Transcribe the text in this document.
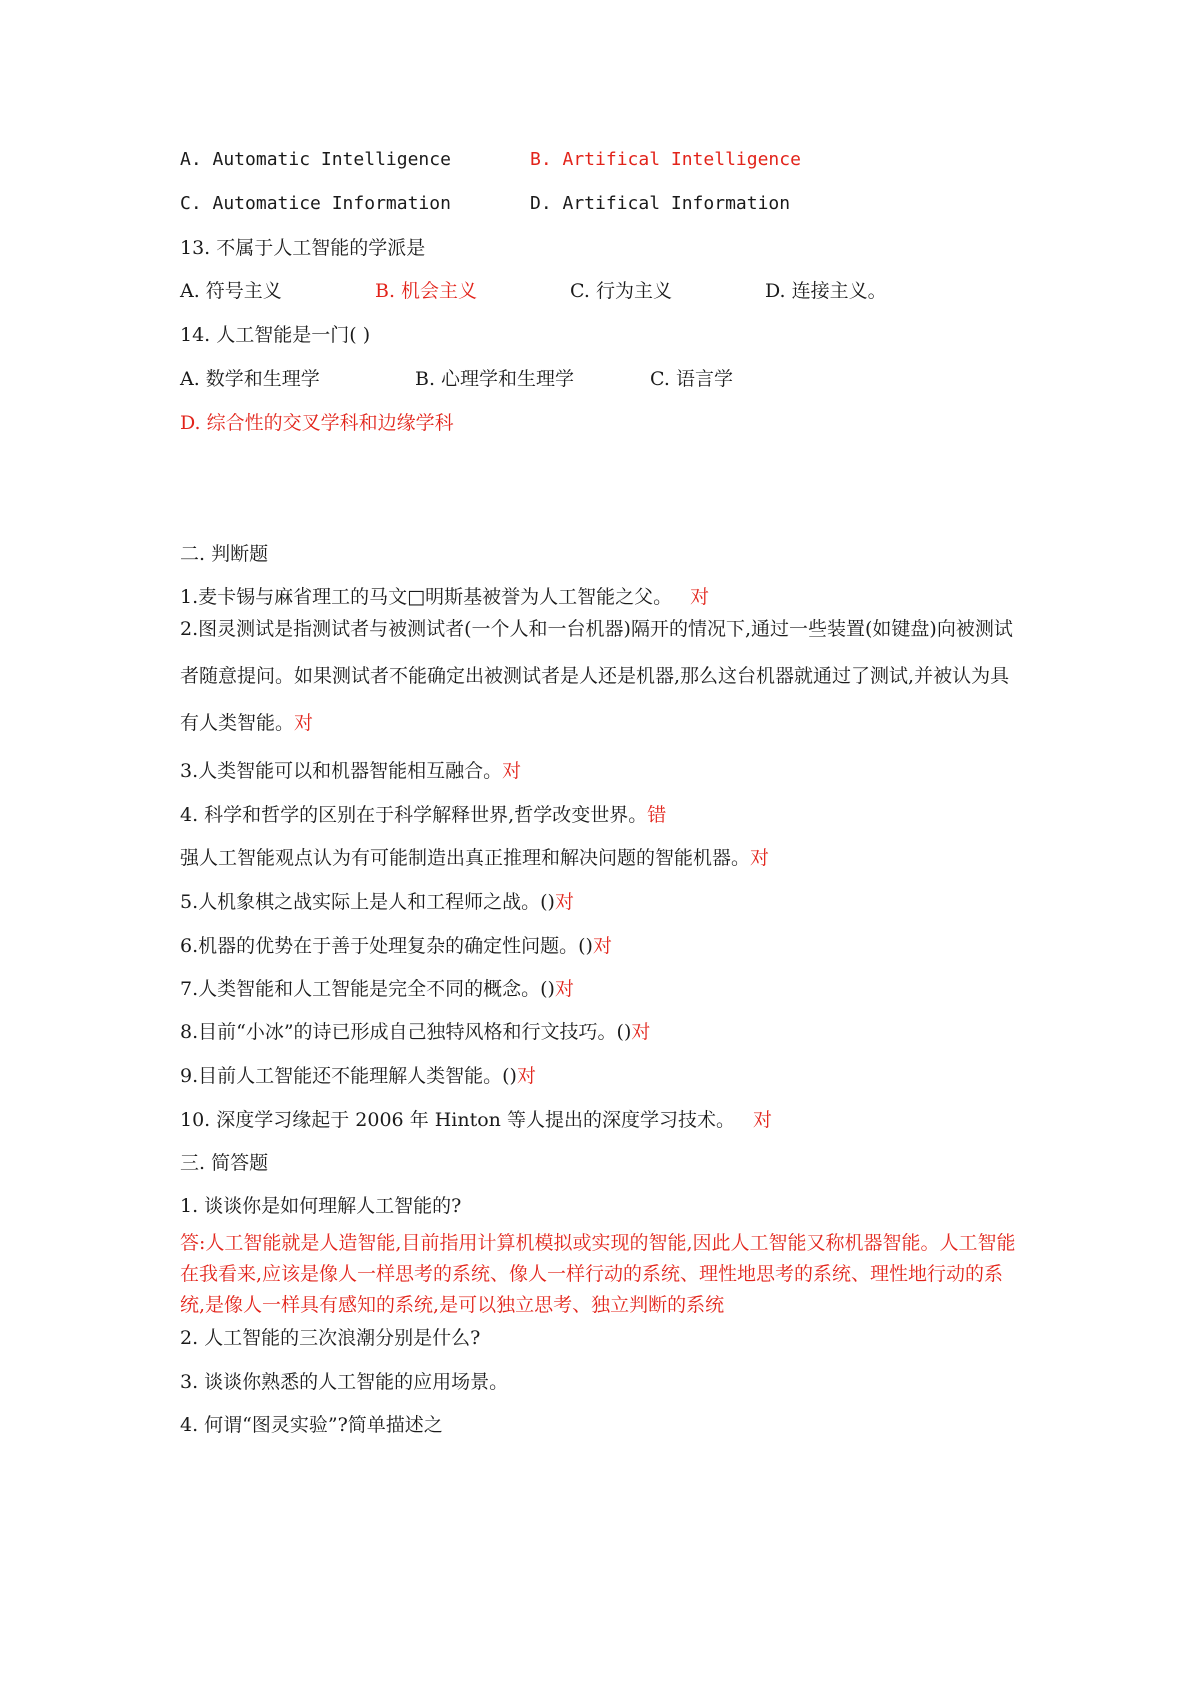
A. Automatic Intelligence	B. Artifical Intelligence
C. Automatice Information	D. Artifical Information
13. 不属于人工智能的学派是
A. 符号主义	B. 机会主义	C. 行为主义	D. 连接主义。
14. 人工智能是一门( )
A. 数学和生理学	B. 心理学和生理学	C. 语言学
D. 综合性的交叉学科和边缘学科
二. 判断题
1.麦卡锡与麻省理工的马文□明斯基被誉为人工智能之父。 对
2.图灵测试是指测试者与被测试者(一个人和一台机器)隔开的情况下,通过一些装置(如键盘)向被测试者随意提问。如果测试者不能确定出被测试者是人还是机器,那么这台机器就通过了测试,并被认为具有人类智能。对
3.人类智能可以和机器智能相互融合。对
4. 科学和哲学的区别在于科学解释世界,哲学改变世界。错
强人工智能观点认为有可能制造出真正推理和解决问题的智能机器。对
5.人机象棋之战实际上是人和工程师之战。()对
6.机器的优势在于善于处理复杂的确定性问题。()对
7.人类智能和人工智能是完全不同的概念。()对
8.目前“小冰”的诗已形成自己独特风格和行文技巧。()对
9.目前人工智能还不能理解人类智能。()对
10. 深度学习缘起于 2006 年 Hinton 等人提出的深度学习技术。 对
三. 简答题
1. 谈谈你是如何理解人工智能的?
答:人工智能就是人造智能,目前指用计算机模拟或实现的智能,因此人工智能又称机器智能。人工智能在我看来,应该是像人一样思考的系统、像人一样行动的系统、理性地思考的系统、理性地行动的系统,是像人一样具有感知的系统,是可以独立思考、独立判断的系统
2. 人工智能的三次浪潮分别是什么?
3. 谈谈你熟悉的人工智能的应用场景。
4. 何谓“图灵实验”?简单描述之
